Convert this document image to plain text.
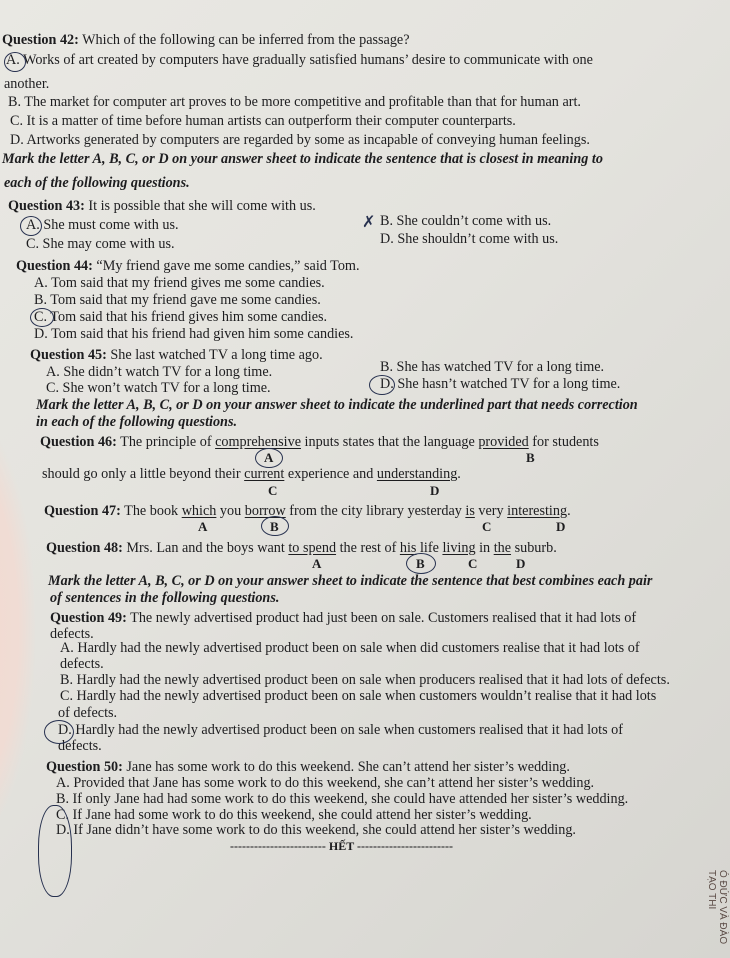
Question 42: Which of the following can be inferred from the passage?
A. Works of art created by computers have gradually satisfied humans’ desire to communicate with one
another.
B. The market for computer art proves to be more competitive and profitable than that for human art.
C. It is a matter of time before human artists can outperform their computer counterparts.
D. Artworks generated by computers are regarded by some as incapable of conveying human feelings.
Mark the letter A, B, C, or D on your answer sheet to indicate the sentence that is closest in meaning to
each of the following questions.
Question 43: It is possible that she will come with us.
A. She must come with us.	B. She couldn’t come with us.
C. She may come with us.	D. She shouldn’t come with us.
✗
Question 44: “My friend gave me some candies,” said Tom.
A. Tom said that my friend gives me some candies.
B. Tom said that my friend gave me some candies.
C. Tom said that his friend gives him some candies.
D. Tom said that his friend had given him some candies.
Question 45: She last watched TV a long time ago.
A. She didn’t watch TV for a long time.	B. She has watched TV for a long time.
C. She won’t watch TV for a long time.	D. She hasn’t watched TV for a long time.
Mark the letter A, B, C, or D on your answer sheet to indicate the underlined part that needs correction
in each of the following questions.
Question 46: The principle of comprehensive inputs states that the language provided for students
A	B
should go only a little beyond their current experience and understanding.
C	D
Question 47: The book which you borrow from the city library yesterday is very interesting.
A	B	C	D
Question 48: Mrs. Lan and the boys want to spend the rest of his life living in the suburb.
A	B	C	D
Mark the letter A, B, C, or D on your answer sheet to indicate the sentence that best combines each pair
of sentences in the following questions.
Question 49: The newly advertised product had just been on sale. Customers realised that it had lots of
defects.
A. Hardly had the newly advertised product been on sale when did customers realise that it had lots of
defects.
B. Hardly had the newly advertised product been on sale when producers realised that it had lots of defects.
C. Hardly had the newly advertised product been on sale when customers wouldn’t realise that it had lots
of defects.
D. Hardly had the newly advertised product been on sale when customers realised that it had lots of
defects.
Question 50: Jane has some work to do this weekend. She can’t attend her sister’s wedding.
A. Provided that Jane has some work to do this weekend, she can’t attend her sister’s wedding.
B. If only Jane had had some work to do this weekend, she could have attended her sister’s wedding.
C. If Jane had some work to do this weekend, she could attend her sister’s wedding.
D. If Jane didn’t have some work to do this weekend, she could attend her sister’s wedding.
------------------------ HẾT ------------------------
Ó ĐỨC VÀ ĐÀO TẠO THI
